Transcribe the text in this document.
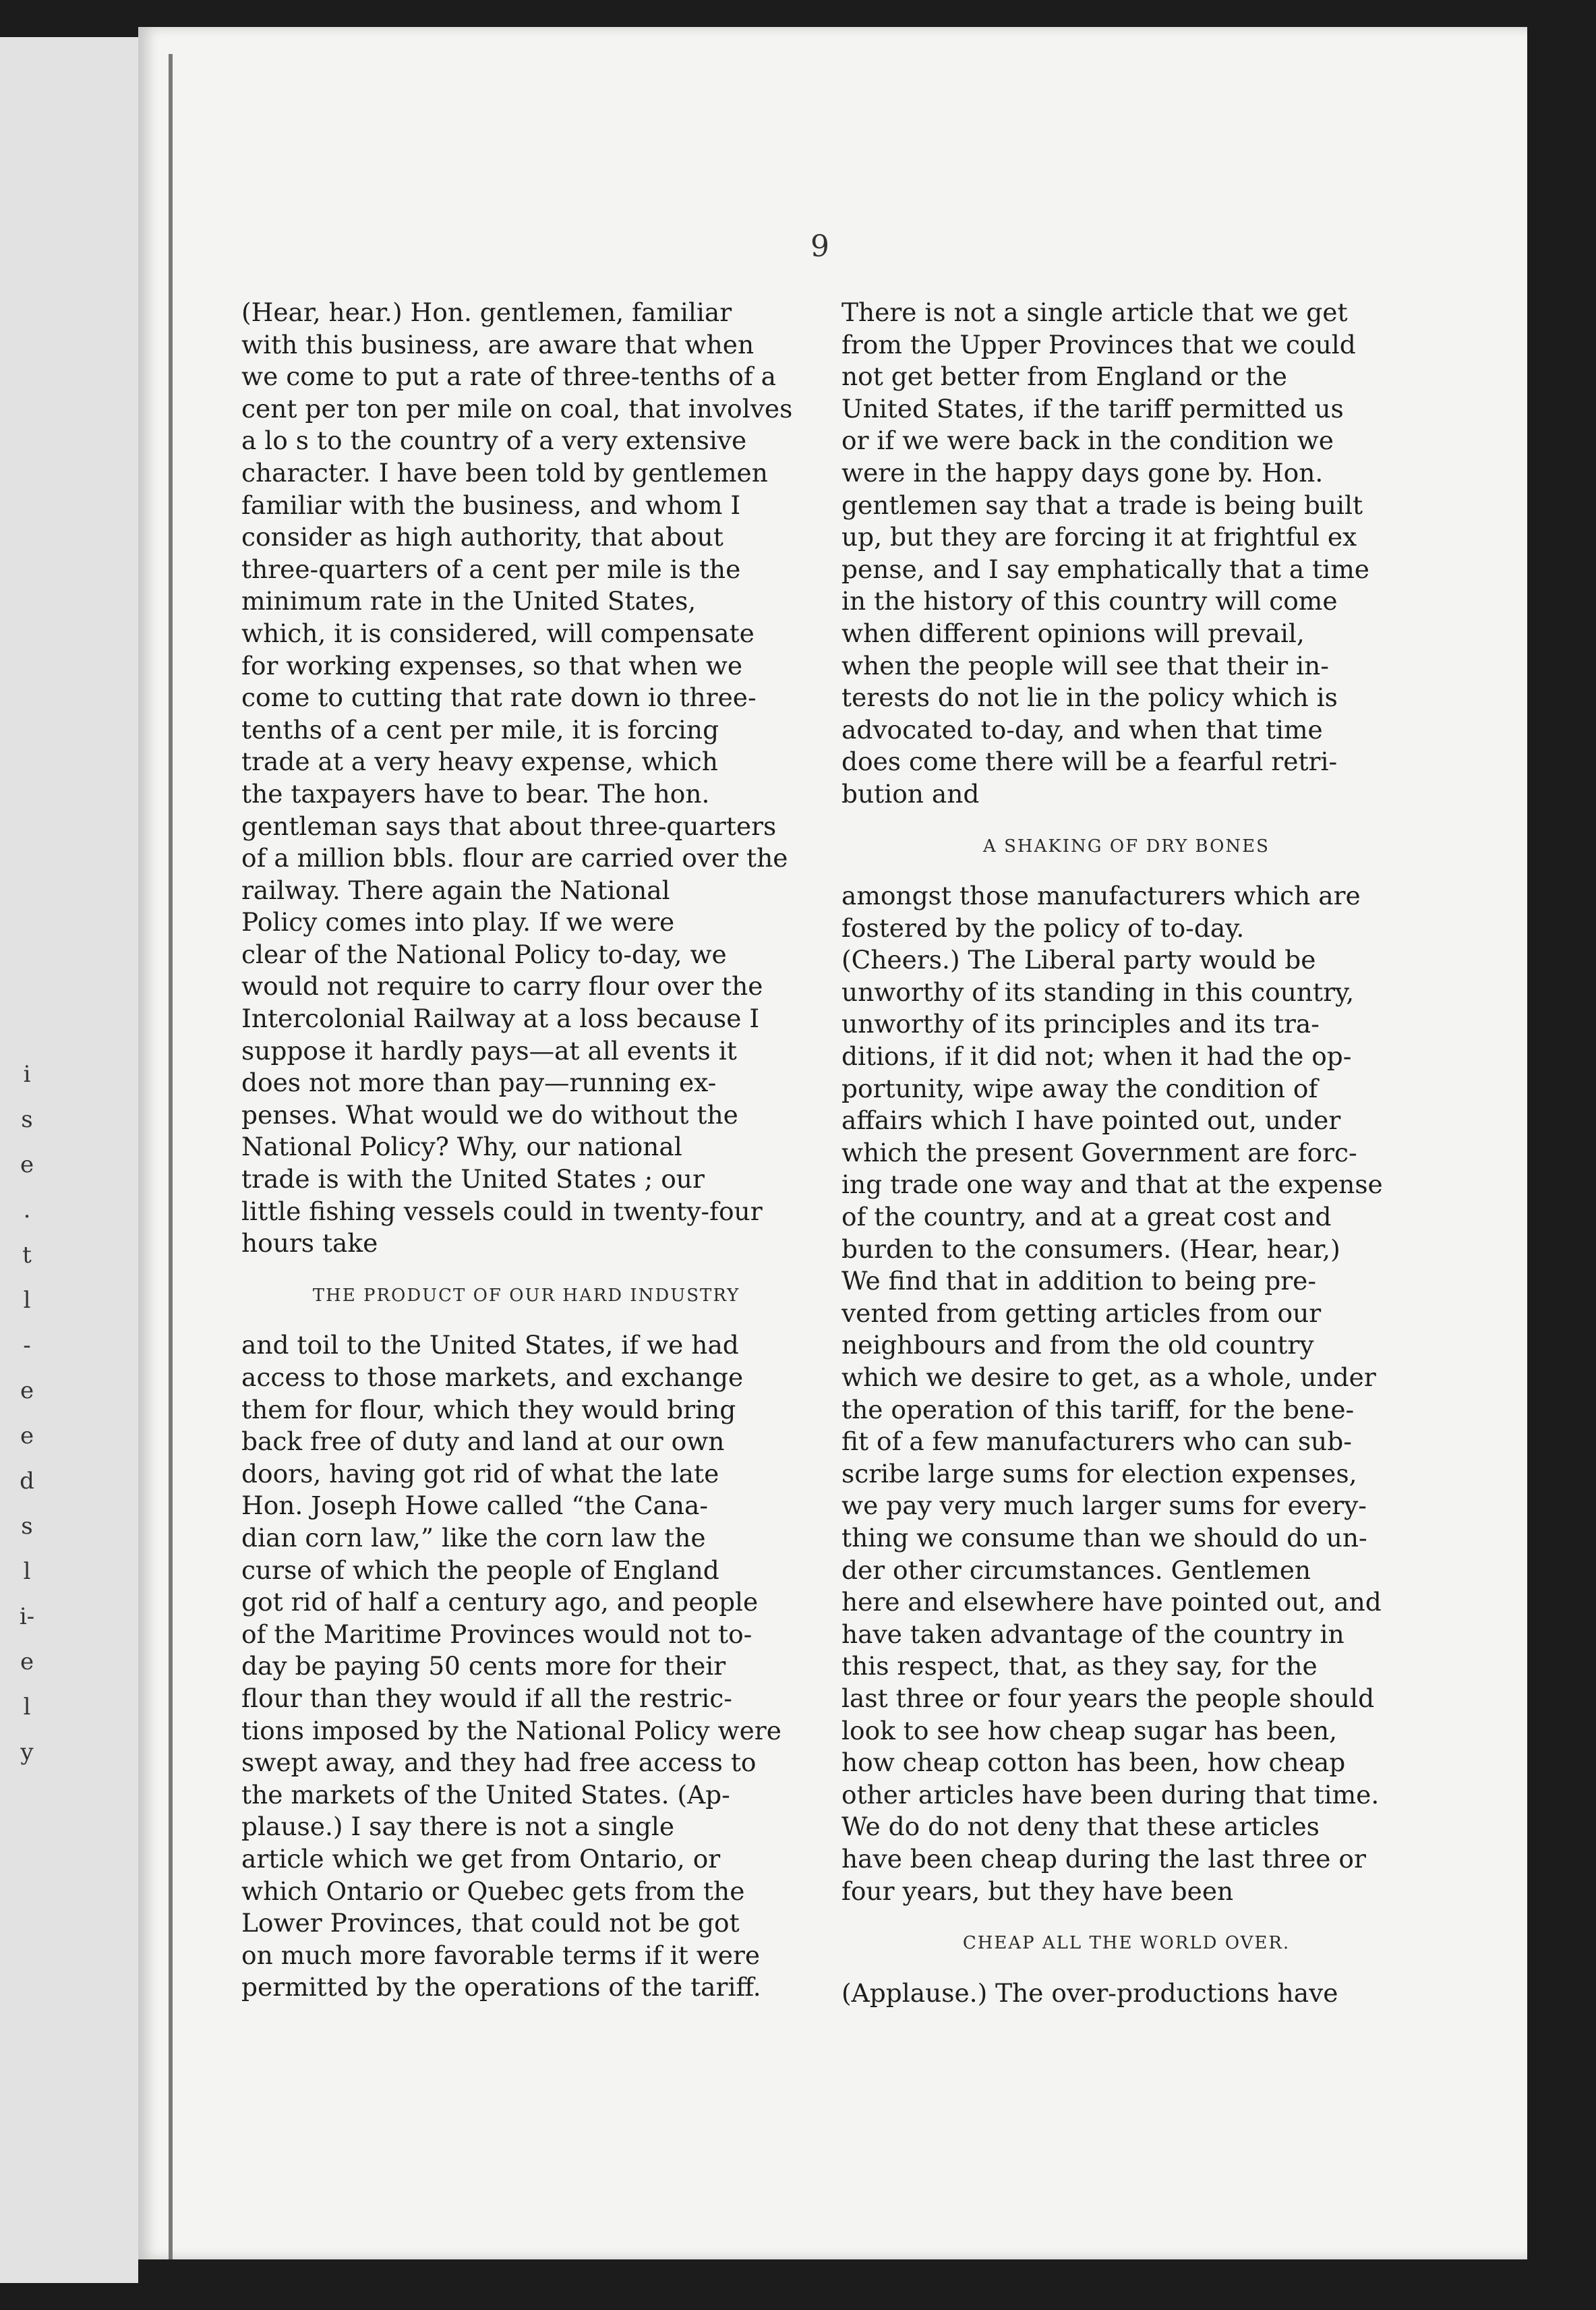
i
s
e
.
t
l
-
e
e
d
s
l
i-
e
l
y
9

(Hear, hear.) Hon. gentlemen, familiar
with this business, are aware that when
we come to put a rate of three-tenths of a
cent per ton per mile on coal, that involves
a lo s to the country of a very extensive
character. I have been told by gentlemen
familiar with the business, and whom I
consider as high authority, that about
three-quarters of a cent per mile is the
minimum rate in the United States,
which, it is considered, will compensate
for working expenses, so that when we
come to cutting that rate down io three-
tenths of a cent per mile, it is forcing
trade at a very heavy expense, which
the taxpayers have to bear. The hon.
gentleman says that about three-quarters
of a million bbls. flour are carried over the
railway. There again the National
Policy comes into play. If we were
clear of the National Policy to-day, we
would not require to carry flour over the
Intercolonial Railway at a loss because I
suppose it hardly pays—at all events it
does not more than pay—running ex-
penses. What would we do without the
National Policy? Why, our national
trade is with the United States ; our
little fishing vessels could in twenty-four
hours take

THE PRODUCT OF OUR HARD INDUSTRY

and toil to the United States, if we had
access to those markets, and exchange
them for flour, which they would bring
back free of duty and land at our own
doors, having got rid of what the late
Hon. Joseph Howe called “the Cana-
dian corn law,” like the corn law the
curse of which the people of England
got rid of half a century ago, and people
of the Maritime Provinces would not to-
day be paying 50 cents more for their
flour than they would if all the restric-
tions imposed by the National Policy were
swept away, and they had free access to
the markets of the United States. (Ap-
plause.) I say there is not a single
article which we get from Ontario, or
which Ontario or Quebec gets from the
Lower Provinces, that could not be got
on much more favorable terms if it were
permitted by the operations of the tariff.

There is not a single article that we get
from the Upper Provinces that we could
not get better from England or the
United States, if the tariff permitted us
or if we were back in the condition we
were in the happy days gone by. Hon.
gentlemen say that a trade is being built
up, but they are forcing it at frightful ex
pense, and I say emphatically that a time
in the history of this country will come
when different opinions will prevail,
when the people will see that their in-
terests do not lie in the policy which is
advocated to-day, and when that time
does come there will be a fearful retri-
bution and

A SHAKING OF DRY BONES

amongst those manufacturers which are
fostered by the policy of to-day.
(Cheers.) The Liberal party would be
unworthy of its standing in this country,
unworthy of its principles and its tra-
ditions, if it did not; when it had the op-
portunity, wipe away the condition of
affairs which I have pointed out, under
which the present Government are forc-
ing trade one way and that at the expense
of the country, and at a great cost and
burden to the consumers. (Hear, hear,)
We find that in addition to being pre-
vented from getting articles from our
neighbours and from the old country
which we desire to get, as a whole, under
the operation of this tariff, for the bene-
fit of a few manufacturers who can sub-
scribe large sums for election expenses,
we pay very much larger sums for every-
thing we consume than we should do un-
der other circumstances. Gentlemen
here and elsewhere have pointed out, and
have taken advantage of the country in
this respect, that, as they say, for the
last three or four years the people should
look to see how cheap sugar has been,
how cheap cotton has been, how cheap
other articles have been during that time.
We do do not deny that these articles
have been cheap during the last three or
four years, but they have been

CHEAP ALL THE WORLD OVER.

(Applause.) The over-productions have
